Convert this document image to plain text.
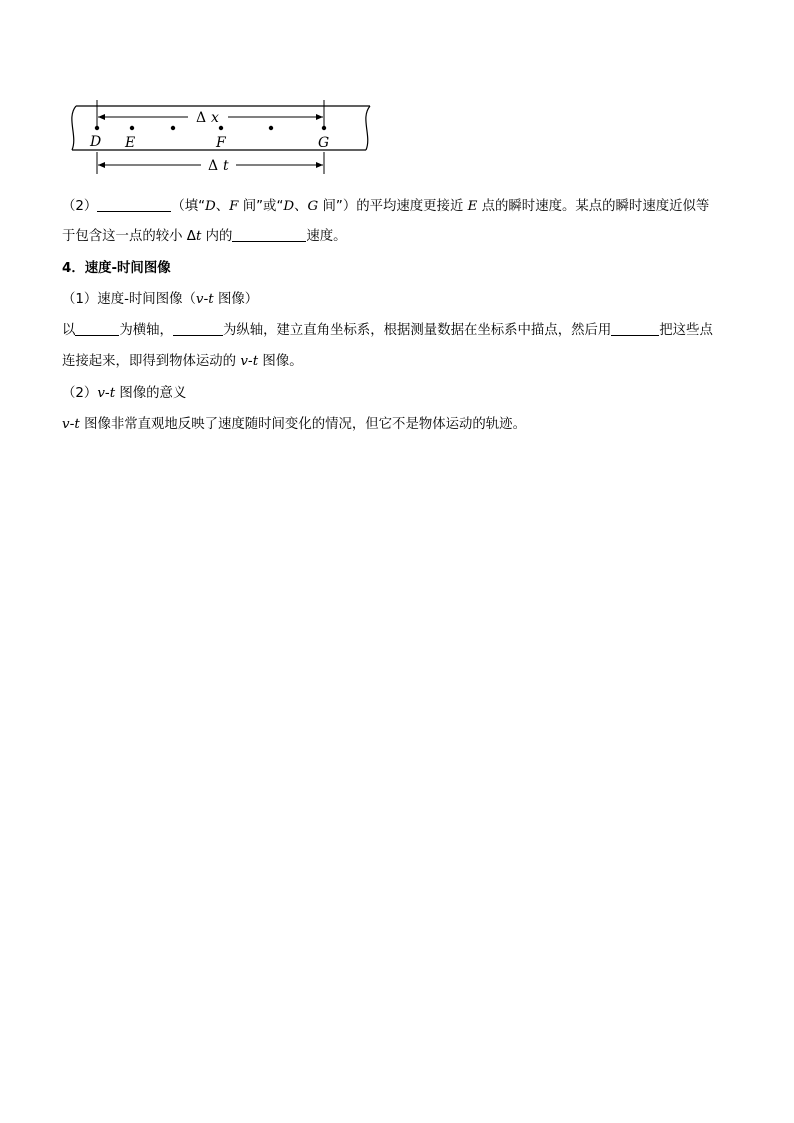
Δ x
D E	F	G
Δ t
（2）	（填“D、F 间”或“D、G 间”）的平均速度更接近 E 点的瞬时速度。某点的瞬时速度近似等
于包含这一点的较小 Δt 内的	速度。
4．速度-时间图像
（1）速度-时间图像（v-t 图像）
以	为横轴，	为纵轴，建立直角坐标系，根据测量数据在坐标系中描点，然后用	把这些点
连接起来，即得到物体运动的 v-t 图像。
（2）v-t 图像的意义
v-t 图像非常直观地反映了速度随时间变化的情况，但它不是物体运动的轨迹。
